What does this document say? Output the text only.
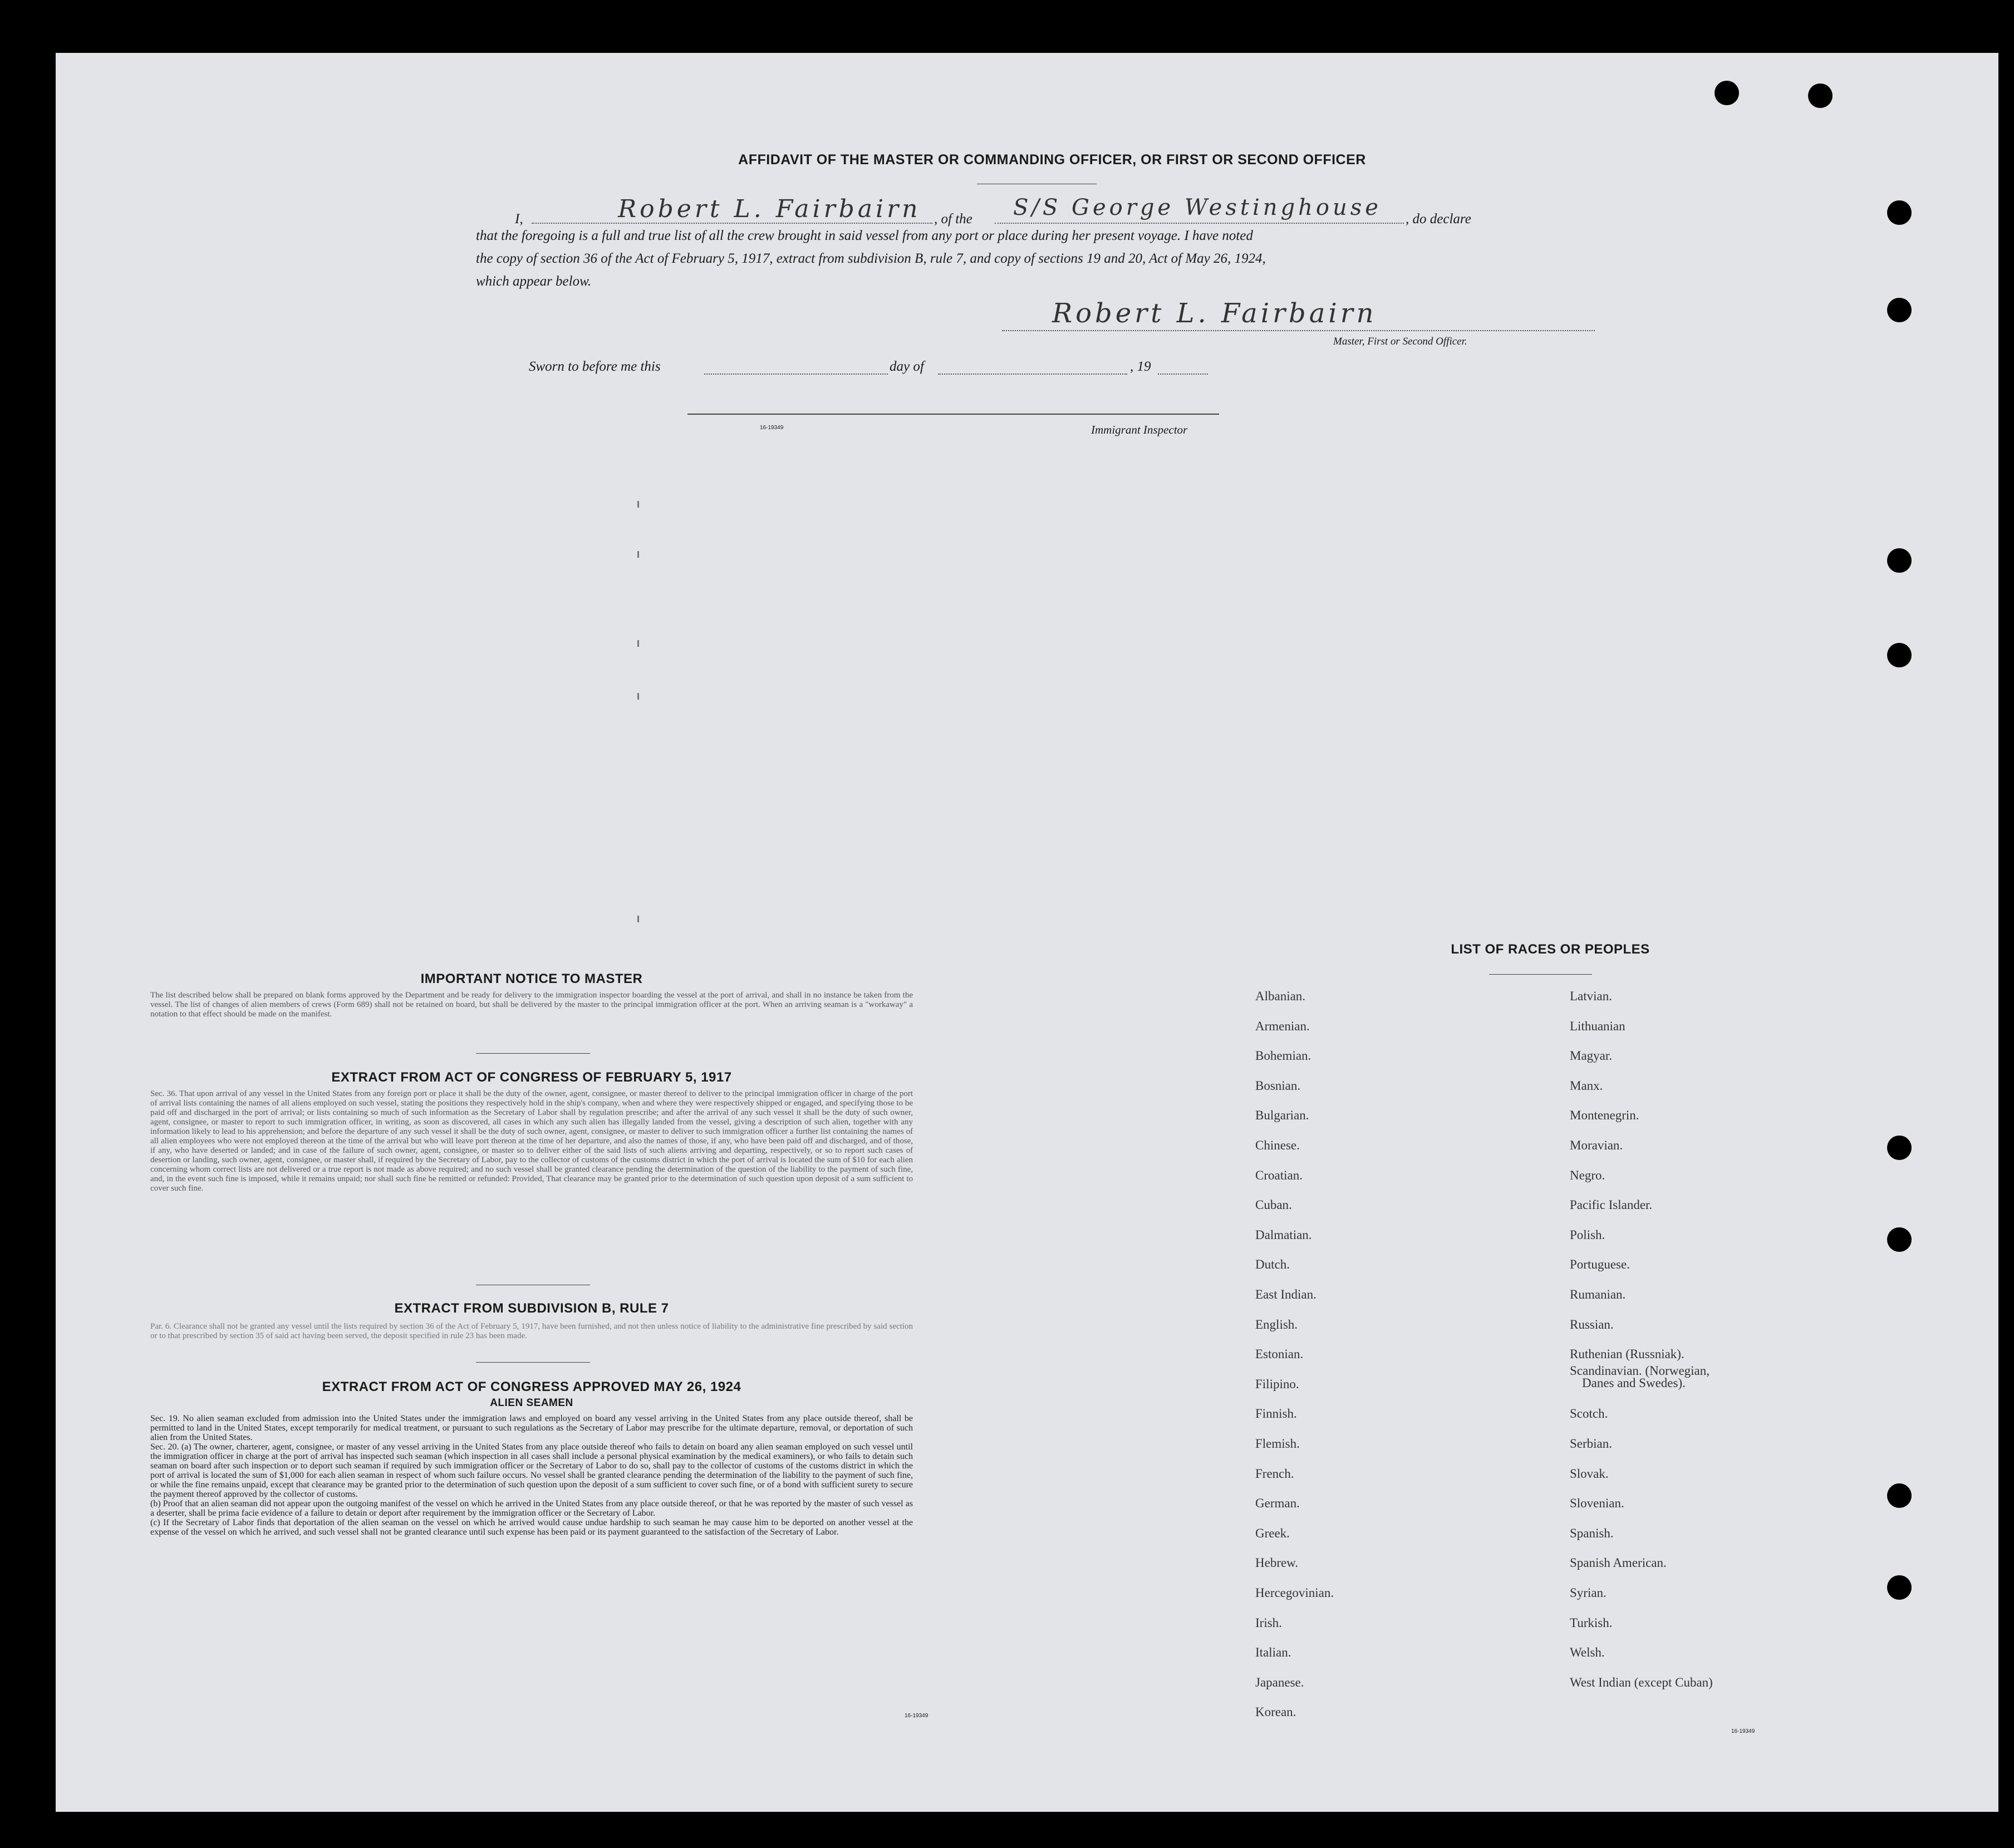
AFFIDAVIT OF THE MASTER OR COMMANDING OFFICER, OR FIRST OR SECOND OFFICER
I,	Robert L. Fairbairn , of the S/S George Westinghouse , do declare
that the foregoing is a full and true list of all the crew brought in said vessel from any port or place during her present voyage. I have noted
the copy of section 36 of the Act of February 5, 1917, extract from subdivision B, rule 7, and copy of sections 19 and 20, Act of May 26, 1924,
which appear below.
Robert L. Fairbairn
Master, First or Second Officer.
Sworn to before me this	day of	, 19
16-19349	Immigrant Inspector
IMPORTANT NOTICE TO MASTER
The list described below shall be prepared on blank forms approved by the Department and be ready for delivery to the immigration inspector boarding the vessel at the port of arrival, and shall in no instance be taken from the vessel. The list of changes of alien members of crews (Form 689) shall not be retained on board, but shall be delivered by the master to the principal immigration officer at the port. When an arriving seaman is a "workaway" a notation to that effect should be made on the manifest.
EXTRACT FROM ACT OF CONGRESS OF FEBRUARY 5, 1917
Sec. 36. That upon arrival of any vessel in the United States from any foreign port or place it shall be the duty of the owner, agent, consignee, or master thereof to deliver to the principal immigration officer in charge of the port of arrival lists containing the names of all aliens employed on such vessel, stating the positions they respectively hold in the ship's company, when and where they were respectively shipped or engaged, and specifying those to be paid off and discharged in the port of arrival; or lists containing so much of such information as the Secretary of Labor shall by regulation prescribe; and after the arrival of any such vessel it shall be the duty of such owner, agent, consignee, or master to report to such immigration officer, in writing, as soon as discovered, all cases in which any such alien has illegally landed from the vessel, giving a description of such alien, together with any information likely to lead to his apprehension; and before the departure of any such vessel it shall be the duty of such owner, agent, consignee, or master to deliver to such immigration officer a further list containing the names of all alien employees who were not employed thereon at the time of the arrival but who will leave port thereon at the time of her departure, and also the names of those, if any, who have been paid off and discharged, and of those, if any, who have deserted or landed; and in case of the failure of such owner, agent, consignee, or master so to deliver either of the said lists of such aliens arriving and departing, respectively, or so to report such cases of desertion or landing, such owner, agent, consignee, or master shall, if required by the Secretary of Labor, pay to the collector of customs of the customs district in which the port of arrival is located the sum of $10 for each alien concerning whom correct lists are not delivered or a true report is not made as above required; and no such vessel shall be granted clearance pending the determination of the question of the liability to the payment of such fine, and, in the event such fine is imposed, while it remains unpaid; nor shall such fine be remitted or refunded: Provided, That clearance may be granted prior to the determination of such question upon deposit of a sum sufficient to cover such fine.
EXTRACT FROM SUBDIVISION B, RULE 7
Par. 6. Clearance shall not be granted any vessel until the lists required by section 36 of the Act of February 5, 1917, have been furnished, and not then unless notice of liability to the administrative fine prescribed by said section or to that prescribed by section 35 of said act having been served, the deposit specified in rule 23 has been made.
EXTRACT FROM ACT OF CONGRESS APPROVED MAY 26, 1924
ALIEN SEAMEN
Sec. 19. No alien seaman excluded from admission into the United States under the immigration laws and employed on board any vessel arriving in the United States from any place outside thereof, shall be permitted to land in the United States, except temporarily for medical treatment, or pursuant to such regulations as the Secretary of Labor may prescribe for the ultimate departure, removal, or deportation of such alien from the United States.
Sec. 20. (a) The owner, charterer, agent, consignee, or master of any vessel arriving in the United States from any place outside thereof who fails to detain on board any alien seaman employed on such vessel until the immigration officer in charge at the port of arrival has inspected such seaman (which inspection in all cases shall include a personal physical examination by the medical examiners), or who fails to detain such seaman on board after such inspection or to deport such seaman if required by such immigration officer or the Secretary of Labor to do so, shall pay to the collector of customs of the customs district in which the port of arrival is located the sum of $1,000 for each alien seaman in respect of whom such failure occurs. No vessel shall be granted clearance pending the determination of the liability to the payment of such fine, or while the fine remains unpaid, except that clearance may be granted prior to the determination of such question upon the deposit of a sum sufficient to cover such fine, or of a bond with sufficient surety to secure the payment thereof approved by the collector of customs.
(b) Proof that an alien seaman did not appear upon the outgoing manifest of the vessel on which he arrived in the United States from any place outside thereof, or that he was reported by the master of such vessel as a deserter, shall be prima facie evidence of a failure to detain or deport after requirement by the immigration officer or the Secretary of Labor.
(c) If the Secretary of Labor finds that deportation of the alien seaman on the vessel on which he arrived would cause undue hardship to such seaman he may cause him to be deported on another vessel at the expense of the vessel on which he arrived, and such vessel shall not be granted clearance until such expense has been paid or its payment guaranteed to the satisfaction of the Secretary of Labor.
16-19349
LIST OF RACES OR PEOPLES
16-19349
Albanian.
Armenian.
Bohemian.
Bosnian.
Bulgarian.
Chinese.
Croatian.
Cuban.
Dalmatian.
Dutch.
East Indian.
English.
Estonian.
Filipino.
Finnish.
Flemish.
French.
German.
Greek.
Hebrew.
Hercegovinian.
Irish.
Italian.
Japanese.
Korean.
Latvian.
Lithuanian
Magyar.
Manx.
Montenegrin.
Moravian.
Negro.
Pacific Islander.
Polish.
Portuguese.
Rumanian.
Russian.
Ruthenian (Russniak).
Scandinavian. (Norwegian,
Danes and Swedes).
Scotch.
Serbian.
Slovak.
Slovenian.
Spanish.
Spanish American.
Syrian.
Turkish.
Welsh.
West Indian (except Cuban)
